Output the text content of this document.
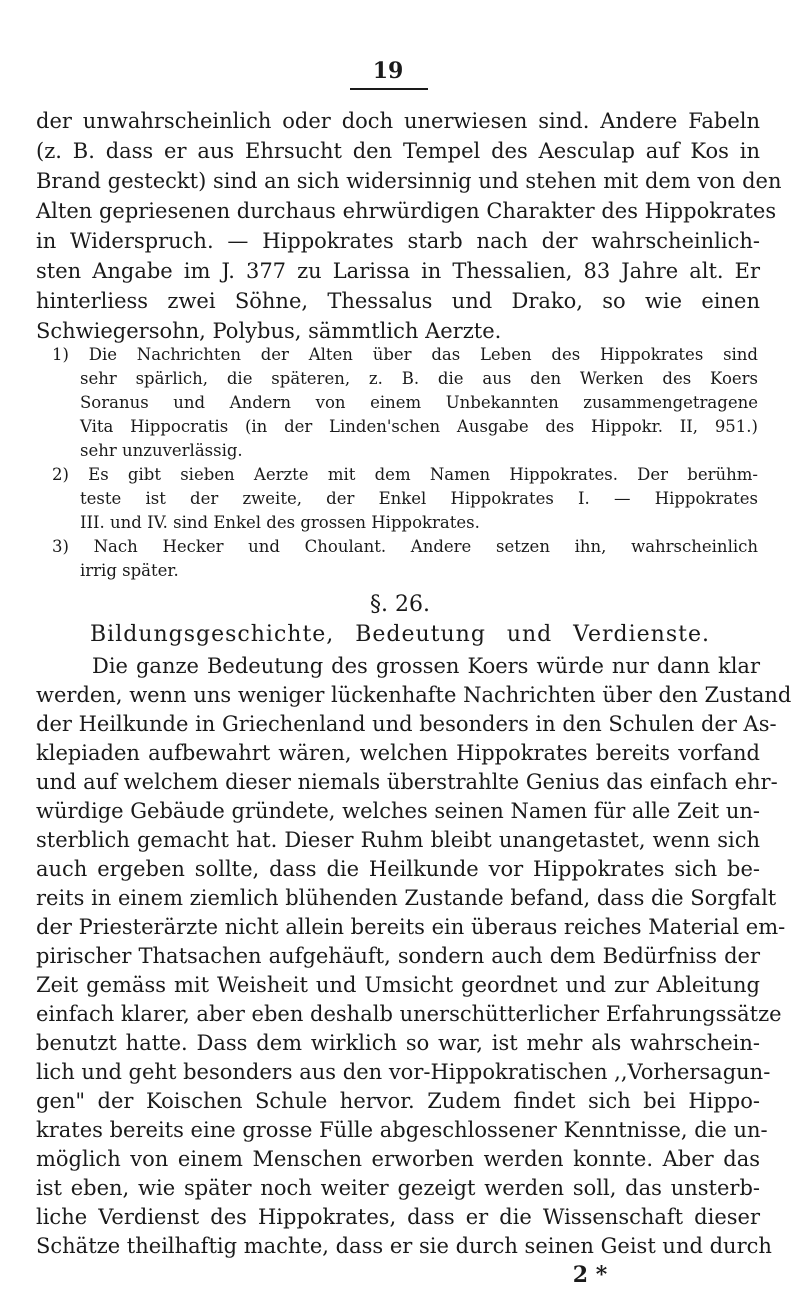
19
der unwahrscheinlich oder doch unerwiesen sind. Andere Fabeln
(z. B. dass er aus Ehrsucht den Tempel des Aesculap auf Kos in
Brand gesteckt) sind an sich widersinnig und stehen mit dem von den
Alten gepriesenen durchaus ehrwürdigen Charakter des Hippokrates
in Widerspruch. — Hippokrates starb nach der wahrscheinlich-
sten Angabe im J. 377 zu Larissa in Thessalien, 83 Jahre alt. Er
hinterliess zwei Söhne, Thessalus und Drako, so wie einen
Schwiegersohn, Polybus, sämmtlich Aerzte.
1) Die Nachrichten der Alten über das Leben des Hippokrates sind
sehr spärlich, die späteren, z. B. die aus den Werken des Koers
Soranus und Andern von einem Unbekannten zusammengetragene
Vita Hippocratis (in der Linden'schen Ausgabe des Hippokr. II, 951.)
sehr unzuverlässig.
2) Es gibt sieben Aerzte mit dem Namen Hippokrates. Der berühm-
teste ist der zweite, der Enkel Hippokrates I. — Hippokrates
III. und IV. sind Enkel des grossen Hippokrates.
3) Nach Hecker und Choulant. Andere setzen ihn, wahrscheinlich
irrig später.
§. 26.
Bildungsgeschichte, Bedeutung und Verdienste.
Die ganze Bedeutung des grossen Koers würde nur dann klar
werden, wenn uns weniger lückenhafte Nachrichten über den Zustand
der Heilkunde in Griechenland und besonders in den Schulen der As-
klepiaden aufbewahrt wären, welchen Hippokrates bereits vorfand
und auf welchem dieser niemals überstrahlte Genius das einfach ehr-
würdige Gebäude gründete, welches seinen Namen für alle Zeit un-
sterblich gemacht hat. Dieser Ruhm bleibt unangetastet, wenn sich
auch ergeben sollte, dass die Heilkunde vor Hippokrates sich be-
reits in einem ziemlich blühenden Zustande befand, dass die Sorgfalt
der Priesterärzte nicht allein bereits ein überaus reiches Material em-
pirischer Thatsachen aufgehäuft, sondern auch dem Bedürfniss der
Zeit gemäss mit Weisheit und Umsicht geordnet und zur Ableitung
einfach klarer, aber eben deshalb unerschütterlicher Erfahrungssätze
benutzt hatte. Dass dem wirklich so war, ist mehr als wahrschein-
lich und geht besonders aus den vor-Hippokratischen ,,Vorhersagun-
gen" der Koischen Schule hervor. Zudem findet sich bei Hippo-
krates bereits eine grosse Fülle abgeschlossener Kenntnisse, die un-
möglich von einem Menschen erworben werden konnte. Aber das
ist eben, wie später noch weiter gezeigt werden soll, das unsterb-
liche Verdienst des Hippokrates, dass er die Wissenschaft dieser
Schätze theilhaftig machte, dass er sie durch seinen Geist und durch
2 *
